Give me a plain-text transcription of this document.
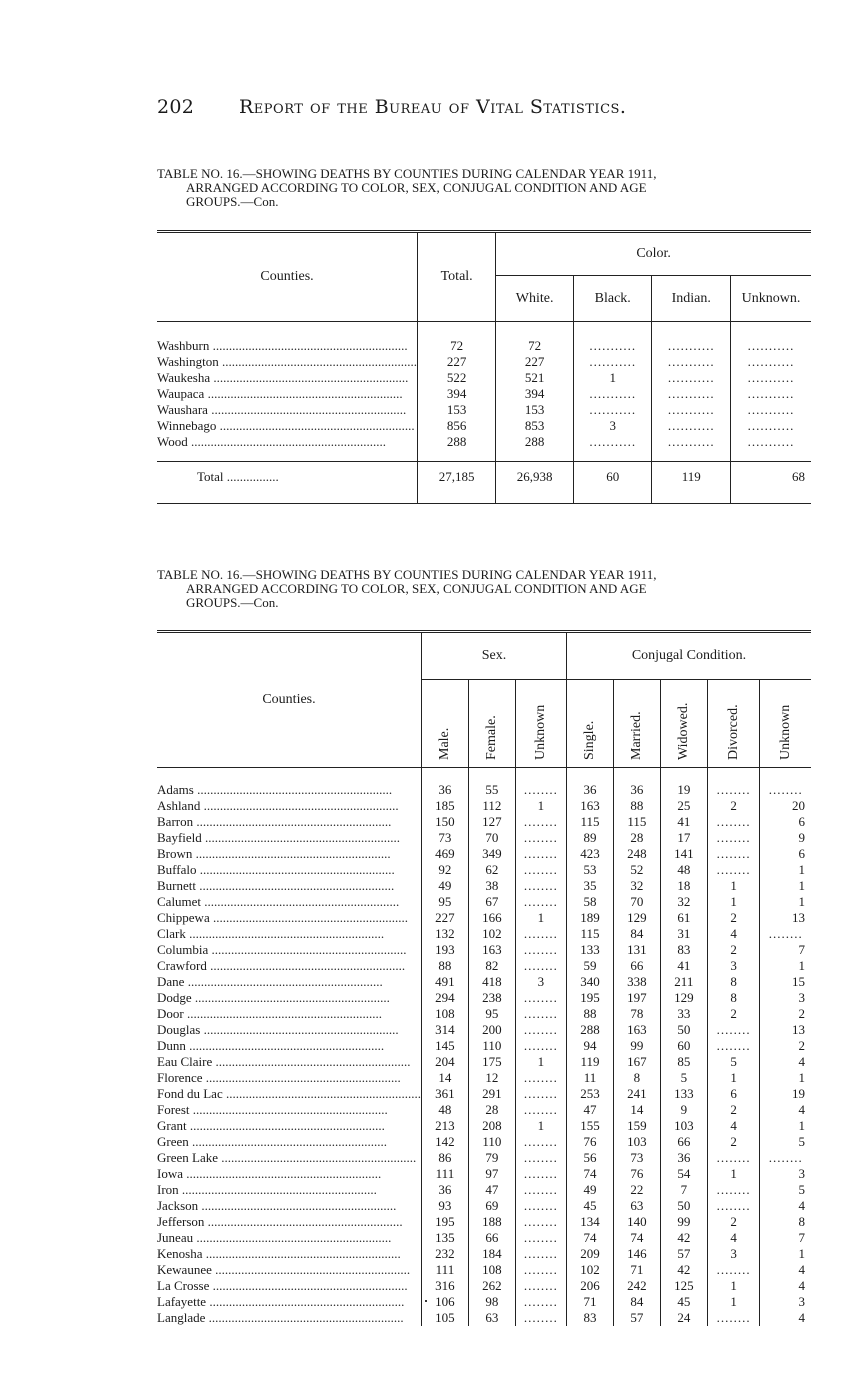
202 Report of the Bureau of Vital Statistics.
TABLE NO. 16.—SHOWING DEATHS BY COUNTIES DURING CALENDAR YEAR 1911,
ARRANGED ACCORDING TO COLOR, SEX, CONJUGAL CONDITION AND AGE
GROUPS.—Con.
Counties.	Total.	Color.			
		White.	Black.	Indian.	Unknown.

Washburn ............................................................	72	72	...........	...........	...........
Washington ............................................................	227	227	...........	...........	...........
Waukesha ............................................................	522	521	1	...........	...........
Waupaca ............................................................	394	394	...........	...........	...........
Waushara ............................................................	153	153	...........	...........	...........
Winnebago ............................................................	856	853	3	...........	...........
Wood ............................................................	288	288	...........	...........	...........

Total ................	27,185	26,938	60	119	68

TABLE NO. 16.—SHOWING DEATHS BY COUNTIES DURING CALENDAR YEAR 1911,
ARRANGED ACCORDING TO COLOR, SEX, CONJUGAL CONDITION AND AGE
GROUPS.—Con.
Counties.	Sex.			Conjugal Condition.				
	Male.	Female.	Unknown	Single.	Married.	Widowed.	Divorced.	Unknown

Adams ............................................................	36	55	........	36	36	19	........	........
Ashland ............................................................	185	112	1	163	88	25	2	20
Barron ............................................................	150	127	........	115	115	41	........	6
Bayfield ............................................................	73	70	........	89	28	17	........	9
Brown ............................................................	469	349	........	423	248	141	........	6
Buffalo ............................................................	92	62	........	53	52	48	........	1
Burnett ............................................................	49	38	........	35	32	18	1	1
Calumet ............................................................	95	67	........	58	70	32	1	1
Chippewa ............................................................	227	166	1	189	129	61	2	13
Clark ............................................................	132	102	........	115	84	31	4	........
Columbia ............................................................	193	163	........	133	131	83	2	7
Crawford ............................................................	88	82	........	59	66	41	3	1
Dane ............................................................	491	418	3	340	338	211	8	15
Dodge ............................................................	294	238	........	195	197	129	8	3
Door ............................................................	108	95	........	88	78	33	2	2
Douglas ............................................................	314	200	........	288	163	50	........	13
Dunn ............................................................	145	110	........	94	99	60	........	2
Eau Claire ............................................................	204	175	1	119	167	85	5	4
Florence ............................................................	14	12	........	11	8	5	1	1
Fond du Lac ............................................................	361	291	........	253	241	133	6	19
Forest ............................................................	48	28	........	47	14	9	2	4
Grant ............................................................	213	208	1	155	159	103	4	1
Green ............................................................	142	110	........	76	103	66	2	5
Green Lake ............................................................	86	79	........	56	73	36	........	........
Iowa ............................................................	111	97	........	74	76	54	1	3
Iron ............................................................	36	47	........	49	22	7	........	5
Jackson ............................................................	93	69	........	45	63	50	........	4
Jefferson ............................................................	195	188	........	134	140	99	2	8
Juneau ............................................................	135	66	........	74	74	42	4	7
Kenosha ............................................................	232	184	........	209	146	57	3	1
Kewaunee ............................................................	111	108	........	102	71	42	........	4
La Crosse ............................................................	316	262	........	206	242	125	1	4
Lafayette ............................................................	106	98	........	71	84	45	1	3
Langlade ............................................................	105	63	........	83	57	24	........	4
